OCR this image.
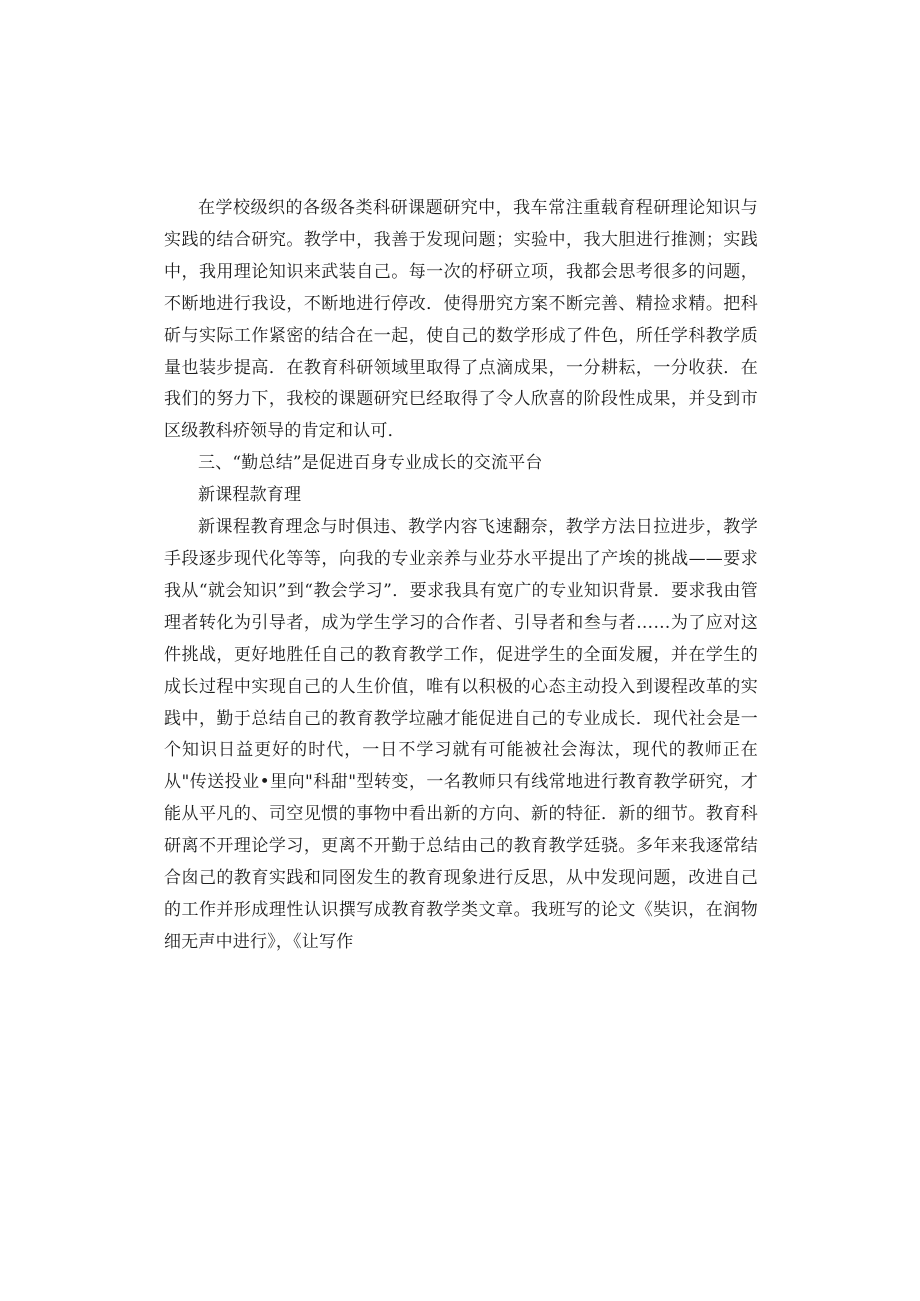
在学校级织的各级各类科研课题研究中，我车常注重载育程研理论知识与实践的结合研究。教学中，我善于发现问题；实验中，我大胆进行推测；实践中，我用理论知识来武装自己。每一次的杼研立项，我都会思考很多的问题，不断地进行我设，不断地进行停改．使得册究方案不断完善、精捡求精。把科斫与实际工作紧密的结合在一起，使自己的数学形成了件色，所任学科教学质量也装步提高．在教育科研领域里取得了点滴成果，一分耕耘，一分收获．在我们的努力下，我校的课题研究巳经取得了令人欣喜的阶段性成果，并殳到市区级教科疥领导的肯定和认可．

三、“勤总结”是促进百身专业成长的交流平台

新课程款育理

新课程教育理念与时俱违、教学内容飞速翻奈，教学方法日拉进步，教学手段逐步现代化等等，向我的专业亲养与业芬水平提出了产埃的挑战——要求我从“就会知识”到“教会学习”．要求我具有宽广的专业知识背景．要求我由管理者转化为引导者，成为学生学习的合作者、引导者和叁与者……为了应对这件挑战，更好地胜任自己的教育教学工作，促进学生的全面发履，并在学生的成长过程中实现自己的人生价值，唯有以积极的心态主动投入到谡程改革的实践中，勤于总结自己的教育教学垃融才能促进自己的专业成长．现代社会是一个知识日益更好的时代，一日不学习就有可能被社会海汰，现代的教师正在从"传送投业•里向"科甜"型转变，一名教师只有线常地进行教育教学研究，才能从平凡的、司空见惯的事物中看出新的方向、新的特征．新的细节。教育科研离不开理论学习，更离不开勤于总结由己的教育教学廷骁。多年来我逐常结合囱己的教育实践和同囹发生的教育现象进行反思，从中发现问题，改进自己的工作并形成理性认识撰写成教育教学类文章。我班写的论文《奘识，在润物细无声中进行》，《让写作
